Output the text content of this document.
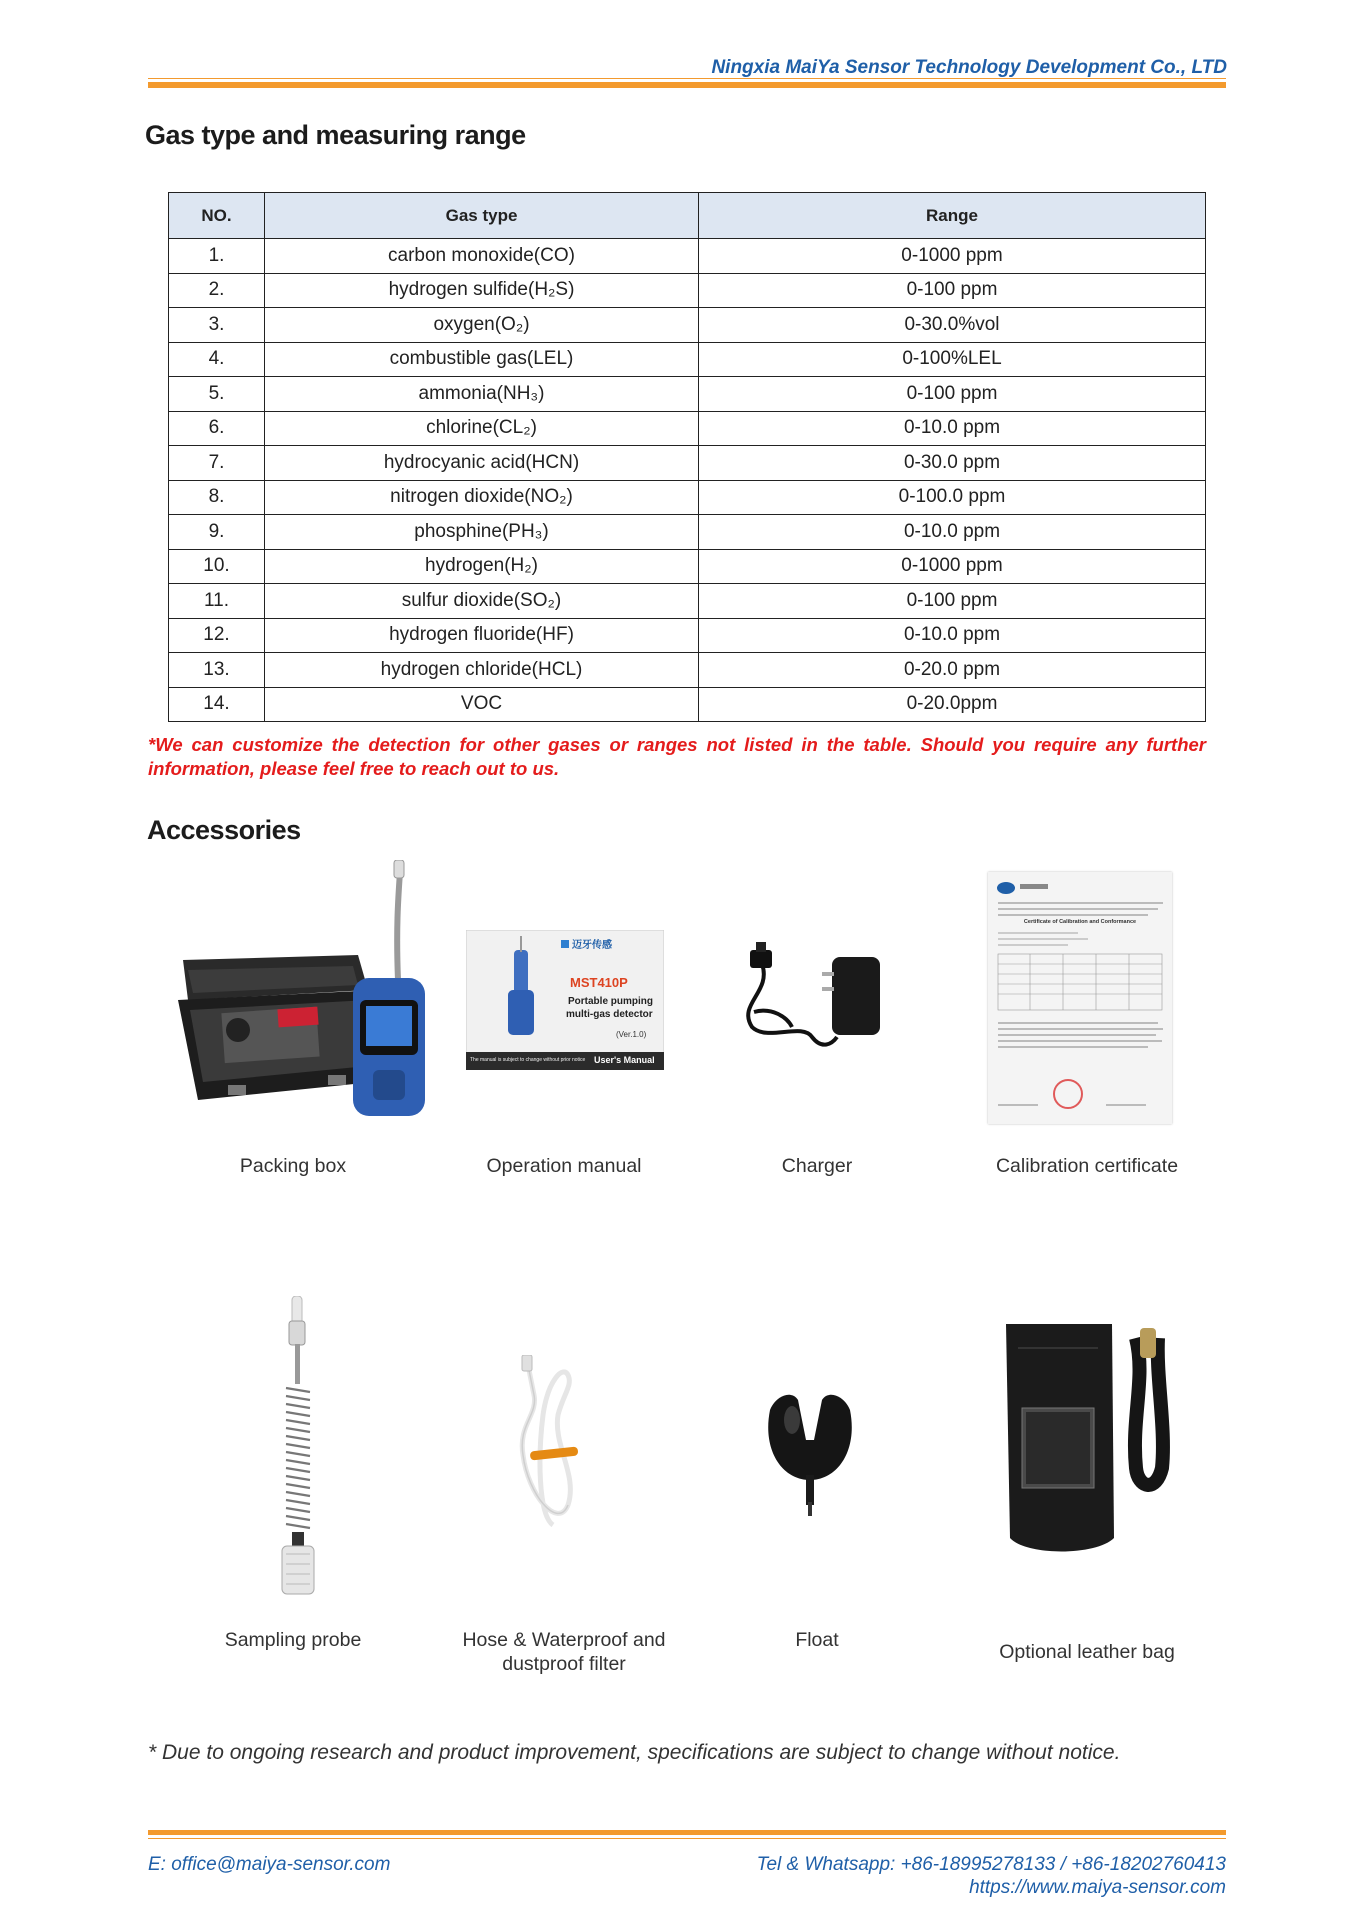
Ningxia MaiYa Sensor Technology Development Co., LTD
Gas type and measuring range
NO.	Gas type	Range
1.	carbon monoxide(CO)	0-1000 ppm
2.	hydrogen sulfide(H₂S)	0-100 ppm
3.	oxygen(O₂)	0-30.0%vol
4.	combustible gas(LEL)	0-100%LEL
5.	ammonia(NH₃)	0-100 ppm
6.	chlorine(CL₂)	0-10.0 ppm
7.	hydrocyanic acid(HCN)	0-30.0 ppm
8.	nitrogen dioxide(NO₂)	0-100.0 ppm
9.	phosphine(PH₃)	0-10.0 ppm
10.	hydrogen(H₂)	0-1000 ppm
11.	sulfur dioxide(SO₂)	0-100 ppm
12.	hydrogen fluoride(HF)	0-10.0 ppm
13.	hydrogen chloride(HCL)	0-20.0 ppm
14.	VOC	0-20.0ppm
*We can customize the detection for other gases or ranges not listed in the table. Should you require any further information, please feel free to reach out to us.
Accessories
Packing box
迈牙传感
MST410P
Portable pumping
multi-gas detector
(Ver.1.0)
The manual is subject to change without prior notice User's Manual
Operation manual	Charger
Certificate of Calibration and Conformance
Calibration certificate
Sampling probe	Hose & Waterproof and dustproof filter
Float
Optional leather bag
* Due to ongoing research and product improvement, specifications are subject to change without notice.
E: office@maiya-sensor.com	Tel & Whatsapp: +86-18995278133 / +86-18202760413
https://www.maiya-sensor.com
